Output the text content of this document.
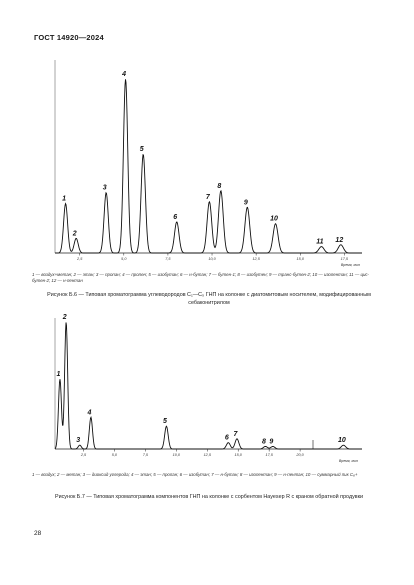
ГОСТ 14920—2024
2,5	5,0	7,5	10,0	12,5	15,0	17,5
1
2
3
4
5
6
7
8
9
10
11 12
Время, мин
2,5	5,0	7,5	10,0	12,5	15,0	17,5	20,0
1
2
3
4
5
6
7
8 9	10
Время, мин
1 — воздух+метан; 2 — этан; 3 — пропан; 4 — пропен; 5 — изобутан; 6 — н-бутан; 7 — бутен-1; 8 — изобутен; 9 — транс-бутен-2; 10 — изопентан; 11 — цис-бутен-2; 12 — н-пентан
Рисунок Б.6 — Типовая хроматограмма углеводородов C₁—C₅ ГНП на колонке с диатомитовым носителем, модифицированным себаконитрилом
1 — воздух; 2 — метан; 3 — диоксид углерода; 4 — этан; 5 — пропан; 6 — изобутан; 7 — н-бутан; 8 — изопентан; 9 — н-пентан; 10 — суммарный пик C₆+
Рисунок Б.7 — Типовая хроматограмма компонентов ГНП на колонке с сорбентом Hayesep R с краном обратной продувки
28
